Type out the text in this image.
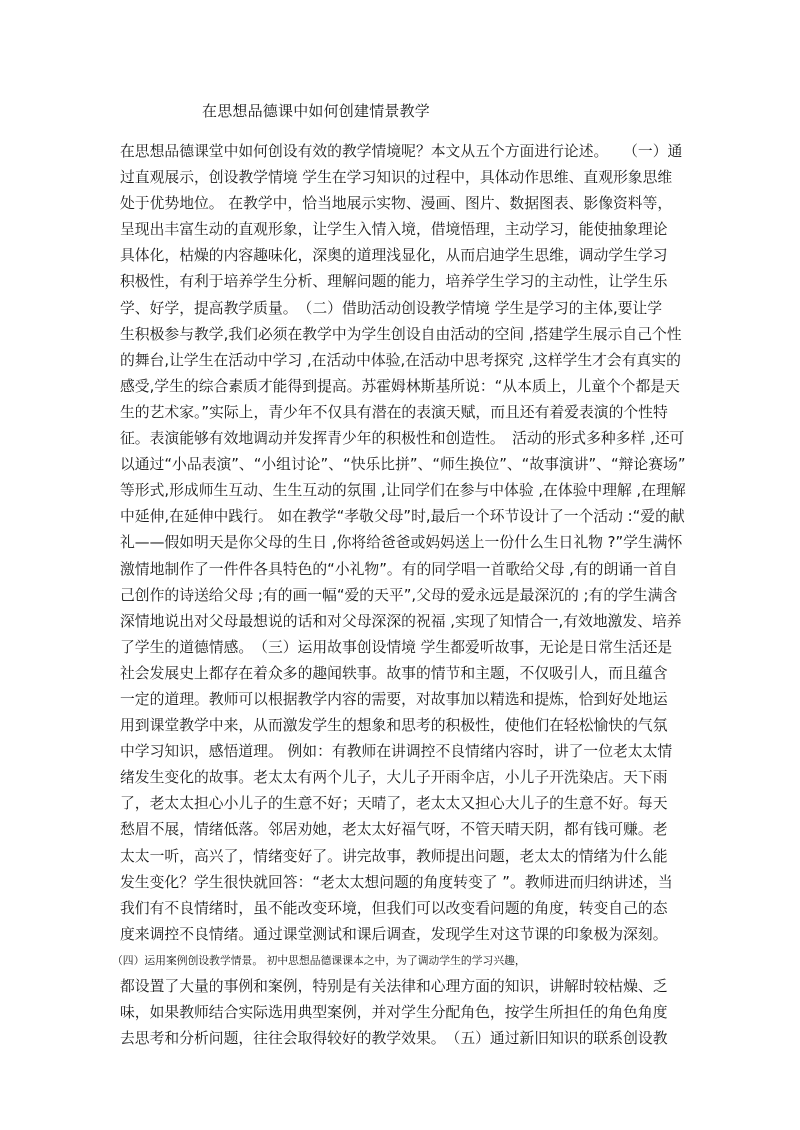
在思想品德课中如何创建情景教学
在思想品德课堂中如何创设有效的教学情境呢？本文从五个方面进行论述。　　（一）通
过直观展示，创设教学情境 学生在学习知识的过程中，具体动作思维、直观形象思维
处于优势地位。 在教学中，恰当地展示实物、漫画、图片、数据图表、影像资料等，
呈现出丰富生动的直观形象，让学生入情入境，借境悟理，主动学习，能使抽象理论
具体化，枯燥的内容趣味化，深奥的道理浅显化，从而启迪学生思维，调动学生学习
积极性，有利于培养学生分析、理解问题的能力，培养学生学习的主动性，让学生乐
学、好学，提高教学质量。　（二）借助活动创设教学情境 学生是学习的主体,要让学
生积极参与教学,我们必须在教学中为学生创设自由活动的空间 ,搭建学生展示自己个性
的舞台,让学生在活动中学习 ,在活动中体验,在活动中思考探究 ,这样学生才会有真实的
感受,学生的综合素质才能得到提高。苏霍姆林斯基所说：“从本质上，儿童个个都是天
生的艺术家。”实际上，青少年不仅具有潜在的表演天赋，而且还有着爱表演的个性特
征。表演能够有效地调动并发挥青少年的积极性和创造性。　活动的形式多种多样 ,还可
以通过“小品表演”、“小组讨论”、“快乐比拼”、“师生换位”、“故事演讲”、“辩论赛场”
等形式,形成师生互动、生生互动的氛围 ,让同学们在参与中体验 ,在体验中理解 ,在理解
中延伸,在延伸中践行。 如在教学“孝敬父母”时,最后一个环节设计了一个活动 :“爱的献
礼——假如明天是你父母的生日 ,你将给爸爸或妈妈送上一份什么生日礼物 ?”学生满怀
激情地制作了一件件各具特色的“小礼物”。有的同学唱一首歌给父母 ,有的朗诵一首自
己创作的诗送给父母 ;有的画一幅“爱的天平”,父母的爱永远是最深沉的 ;有的学生满含
深情地说出对父母最想说的话和对父母深深的祝福 ,实现了知情合一,有效地激发、培养
了学生的道德情感。　（三）运用故事创设情境 学生都爱听故事，无论是日常生活还是
社会发展史上都存在着众多的趣闻轶事。故事的情节和主题，不仅吸引人，而且蕴含
一定的道理。教师可以根据教学内容的需要，对故事加以精选和提炼，恰到好处地运
用到课堂教学中来，从而激发学生的想象和思考的积极性，使他们在轻松愉快的气氛
中学习知识，感悟道理。 例如：有教师在讲调控不良情绪内容时，讲了一位老太太情
绪发生变化的故事。老太太有两个儿子，大儿子开雨伞店，小儿子开洗染店。天下雨
了，老太太担心小儿子的生意不好；天晴了，老太太又担心大儿子的生意不好。每天
愁眉不展，情绪低落。邻居劝她，老太太好福气呀，不管天晴天阴，都有钱可赚。老
太太一听，高兴了，情绪变好了。讲完故事，教师提出问题，老太太的情绪为什么能
发生变化？学生很快就回答：“老太太想问题的角度转变了 ”。教师进而归纳讲述，当
我们有不良情绪时，虽不能改变环境，但我们可以改变看问题的角度，转变自己的态
度来调控不良情绪。通过课堂测试和课后调查，发现学生对这节课的印象极为深刻。
（四）运用案例创设教学情景。 初中思想品德课课本之中，为了调动学生的学习兴趣，
都设置了大量的事例和案例，特别是有关法律和心理方面的知识，讲解时较枯燥、乏
味，如果教师结合实际选用典型案例，并对学生分配角色，按学生所担任的角色角度
去思考和分析问题，往往会取得较好的教学效果。　（五）通过新旧知识的联系创设教
